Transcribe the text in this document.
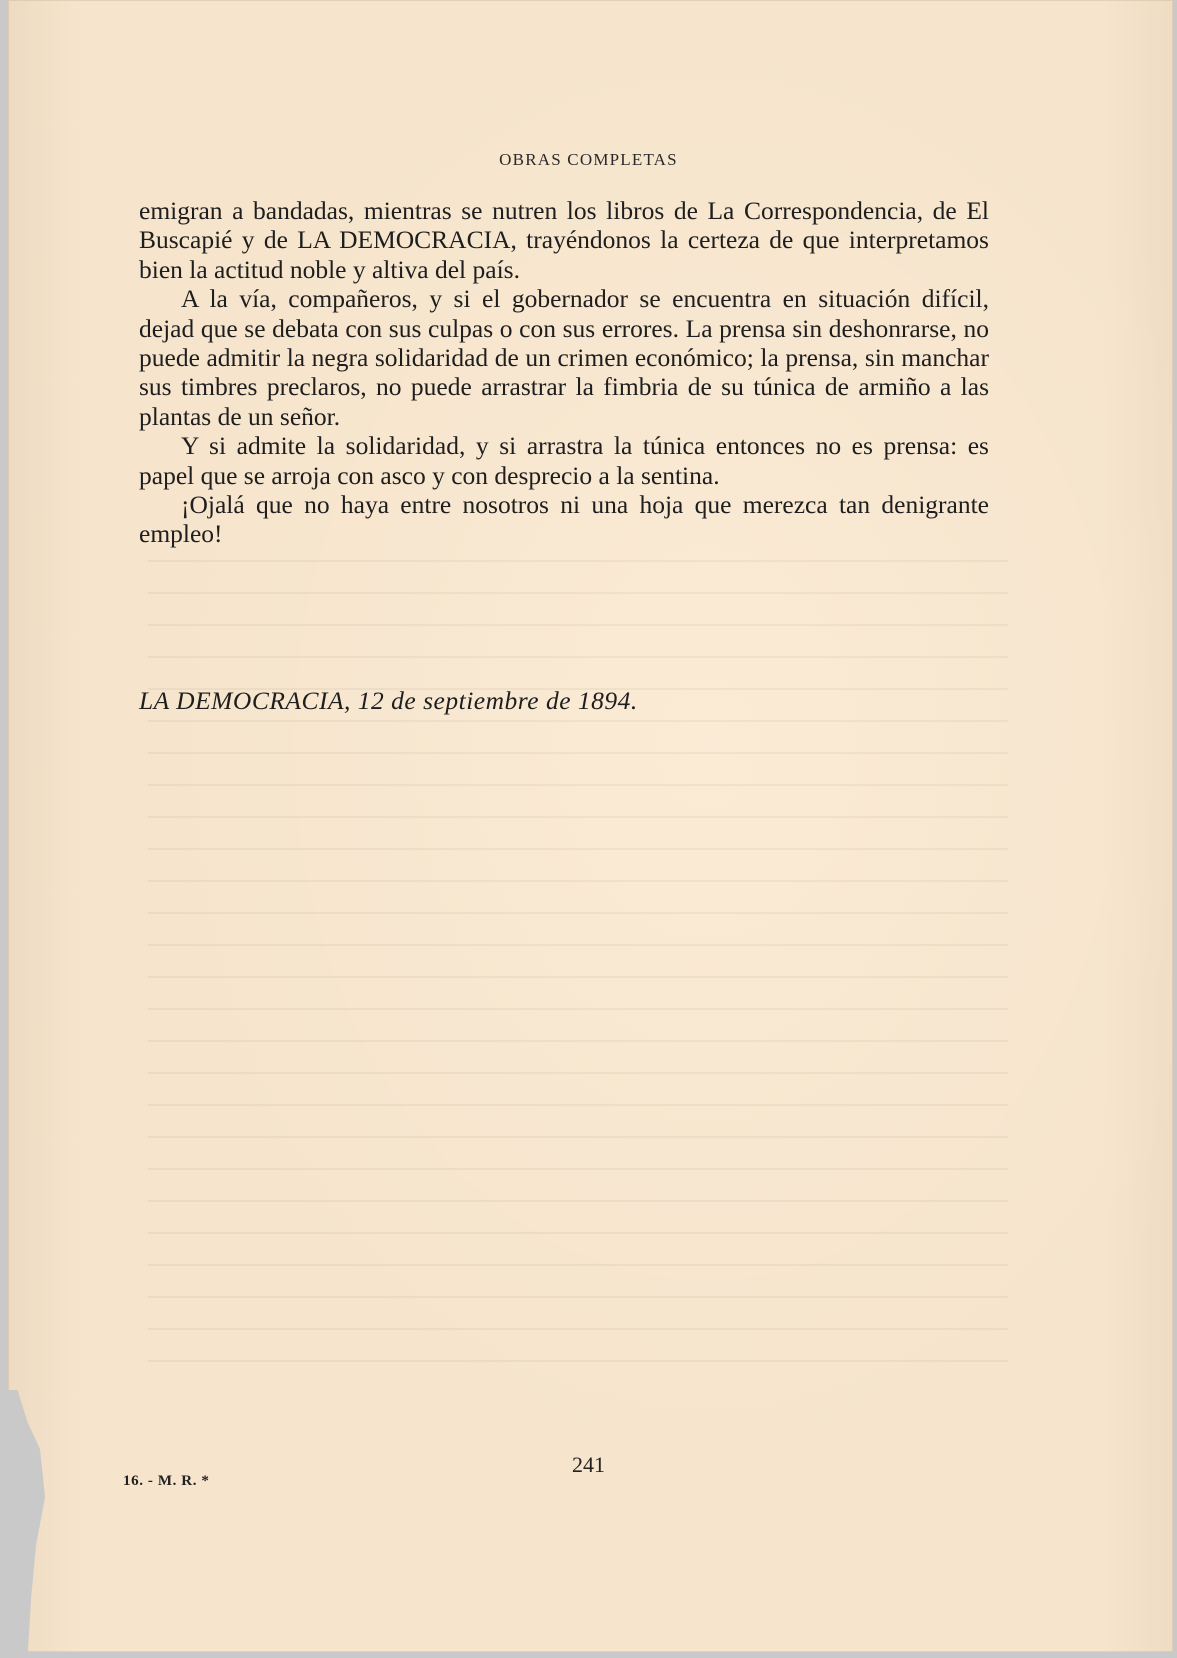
OBRAS COMPLETAS

emigran a bandadas, mientras se nutren los libros de La Correspondencia, de El Buscapié y de LA DEMOCRACIA, trayéndonos la certeza de que interpretamos bien la actitud noble y altiva del país.

A la vía, compañeros, y si el gobernador se encuentra en situación difícil, dejad que se debata con sus culpas o con sus errores. La prensa sin deshonrarse, no puede admitir la negra solidaridad de un crimen económico; la prensa, sin manchar sus timbres preclaros, no puede arrastrar la fimbria de su túnica de armiño a las plantas de un señor.

Y si admite la solidaridad, y si arrastra la túnica entonces no es prensa: es papel que se arroja con asco y con desprecio a la sentina.

¡Ojalá que no haya entre nosotros ni una hoja que merezca tan denigrante empleo!

LA DEMOCRACIA, 12 de septiembre de 1894.
241
16. - M. R. *
